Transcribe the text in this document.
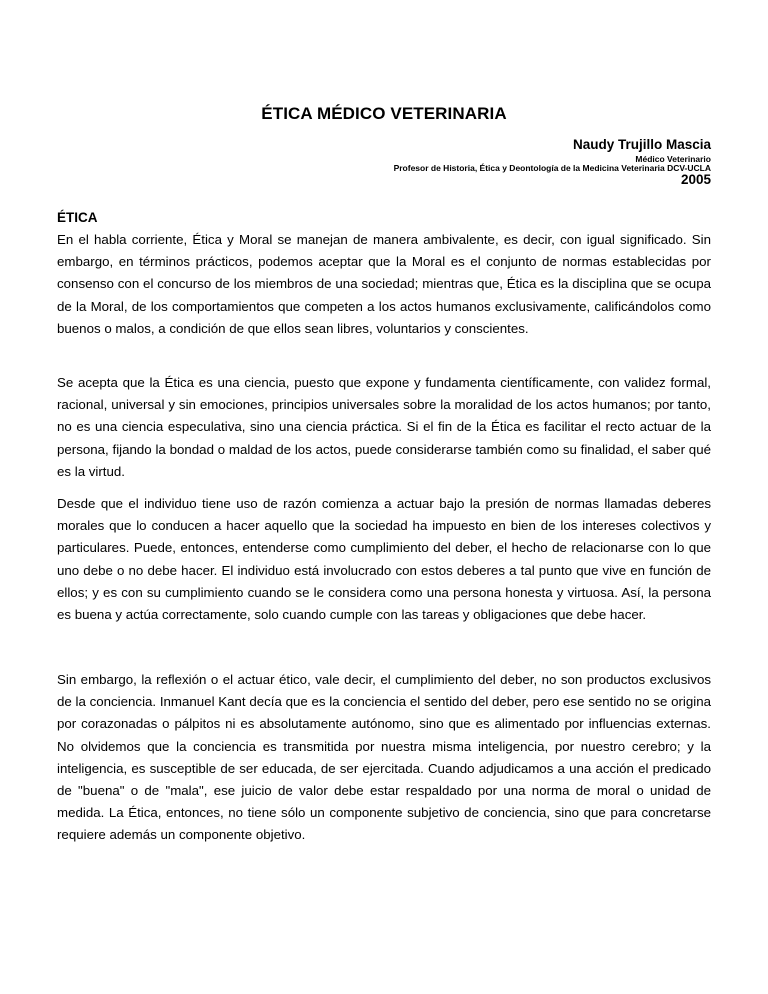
ÉTICA MÉDICO VETERINARIA
Naudy Trujillo Mascia
Médico Veterinario
Profesor de Historia, Ética y Deontología de la Medicina Veterinaria DCV-UCLA
2005
ÉTICA

En el habla corriente, Ética y Moral se manejan de manera ambivalente, es decir, con igual significado. Sin embargo, en términos prácticos, podemos aceptar que la Moral es el conjunto de normas establecidas por consenso con el concurso de los miembros de una sociedad; mientras que, Ética es la disciplina que se ocupa de la Moral, de los comportamientos que competen a los actos humanos exclusivamente, calificándolos como buenos o malos, a condición de que ellos sean libres, voluntarios y conscientes.

Se acepta que la Ética es una ciencia, puesto que expone y fundamenta científicamente, con validez formal, racional, universal y sin emociones, principios universales sobre la moralidad de los actos humanos; por tanto, no es una ciencia especulativa, sino una ciencia práctica. Si el fin de la Ética es facilitar el recto actuar de la persona, fijando la bondad o maldad de los actos, puede considerarse también como su finalidad, el saber qué es la virtud.

Desde que el individuo tiene uso de razón comienza a actuar bajo la presión de normas llamadas deberes morales que lo conducen a hacer aquello que la sociedad ha impuesto en bien de los intereses colectivos y particulares. Puede, entonces, entenderse como cumplimiento del deber, el hecho de relacionarse con lo que uno debe o no debe hacer. El individuo está involucrado con estos deberes a tal punto que vive en función de ellos; y es con su cumplimiento cuando se le considera como una persona honesta y virtuosa. Así, la persona es buena y actúa correctamente, solo cuando cumple con las tareas y obligaciones que debe hacer.

Sin embargo, la reflexión o el actuar ético, vale decir, el cumplimiento del deber, no son productos exclusivos de la conciencia. Inmanuel Kant decía que es la conciencia el sentido del deber, pero ese sentido no se origina por corazonadas o pálpitos ni es absolutamente autónomo, sino que es alimentado por influencias externas. No olvidemos que la conciencia es transmitida por nuestra misma inteligencia, por nuestro cerebro; y la inteligencia, es susceptible de ser educada, de ser ejercitada. Cuando adjudicamos a una acción el predicado de "buena" o de "mala", ese juicio de valor debe estar respaldado por una norma de moral o unidad de medida. La Ética, entonces, no tiene sólo un componente subjetivo de conciencia, sino que para concretarse requiere además un componente objetivo.
